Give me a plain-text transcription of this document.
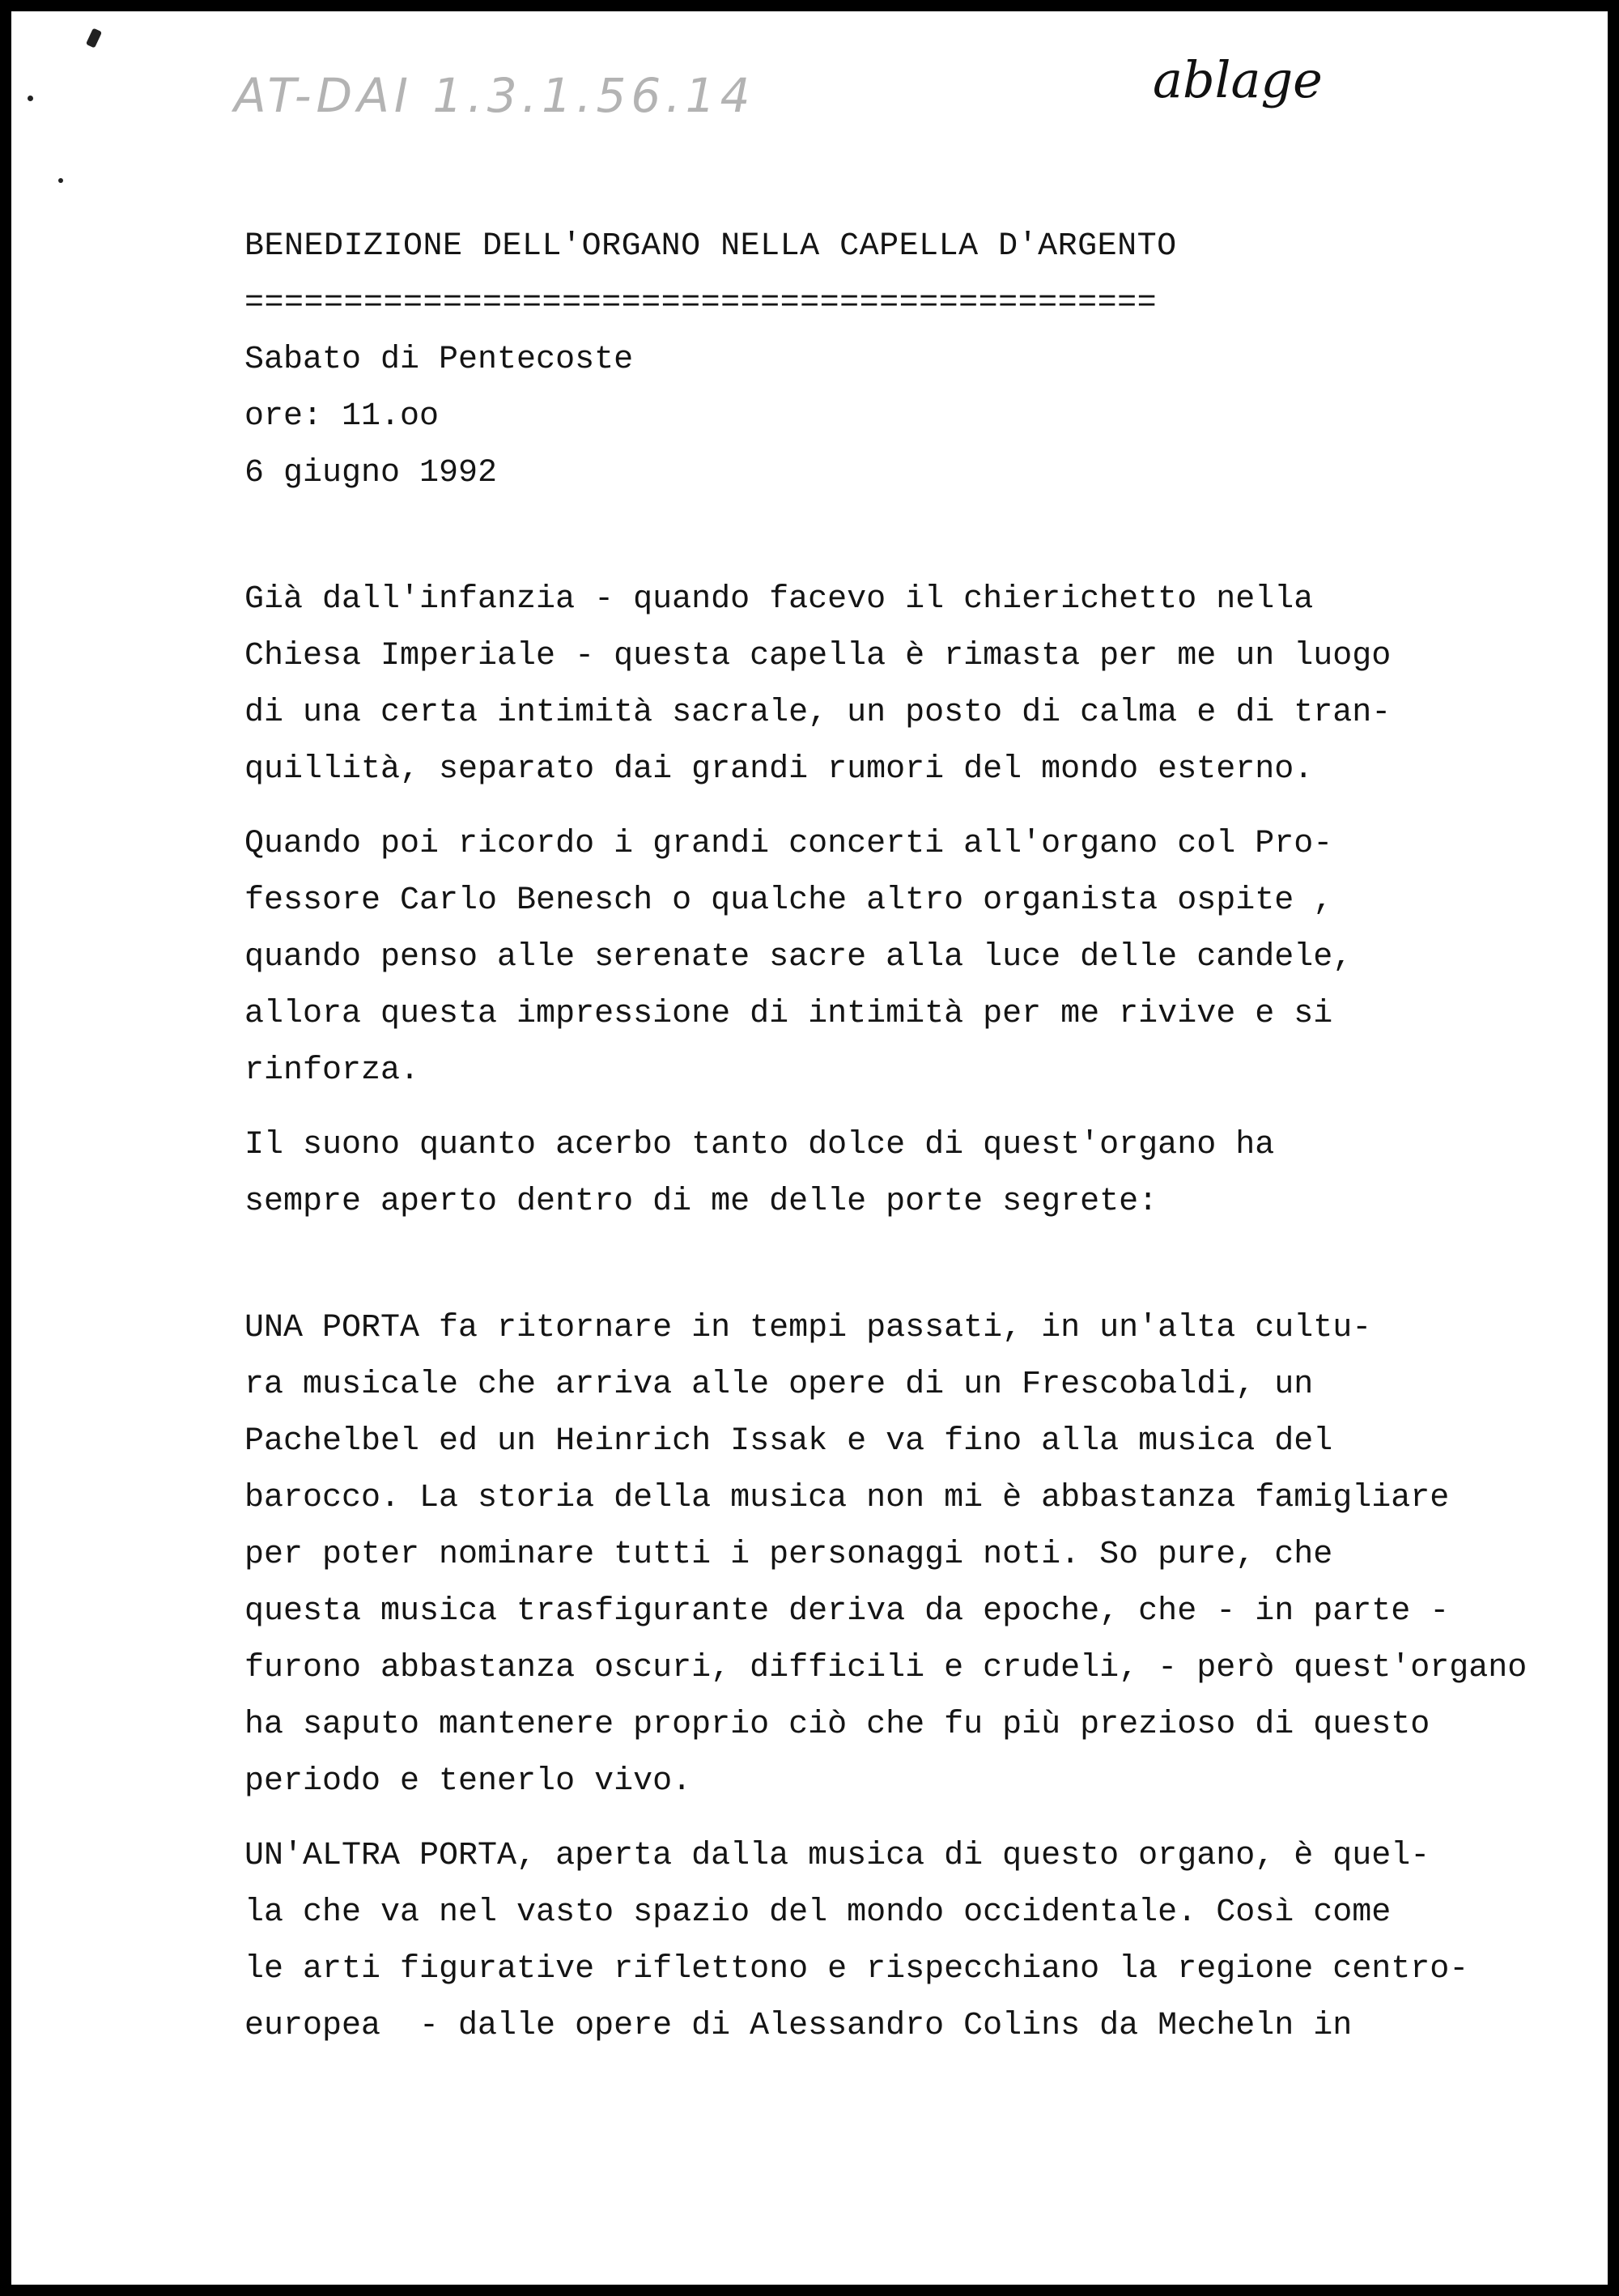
AT-DAI 1.3.1.56.14	ablage
BENEDIZIONE DELL'ORGANO NELLA CAPELLA D'ARGENTO
==============================================
Sabato di Pentecoste
ore: 11.oo
6 giugno 1992
Già dall'infanzia - quando facevo il chierichetto nella
Chiesa Imperiale - questa capella è rimasta per me un luogo
di una certa intimità sacrale, un posto di calma e di tran-
quillità, separato dai grandi rumori del mondo esterno.
Quando poi ricordo i grandi concerti all'organo col Pro-
fessore Carlo Benesch o qualche altro organista ospite ,
quando penso alle serenate sacre alla luce delle candele,
allora questa impressione di intimità per me rivive e si
rinforza.
Il suono quanto acerbo tanto dolce di quest'organo ha
sempre aperto dentro di me delle porte segrete:
UNA PORTA fa ritornare in tempi passati, in un'alta cultu-
ra musicale che arriva alle opere di un Frescobaldi, un
Pachelbel ed un Heinrich Issak e va fino alla musica del
barocco. La storia della musica non mi è abbastanza famigliare
per poter nominare tutti i personaggi noti. So pure, che
questa musica trasfigurante deriva da epoche, che - in parte -
furono abbastanza oscuri, difficili e crudeli, - però quest'organo
ha saputo mantenere proprio ciò che fu più prezioso di questo
periodo e tenerlo vivo.
UN'ALTRA PORTA, aperta dalla musica di questo organo, è quel-
la che va nel vasto spazio del mondo occidentale. Così come
le arti figurative riflettono e rispecchiano la regione centro-
europea  - dalle opere di Alessandro Colins da Mecheln in
